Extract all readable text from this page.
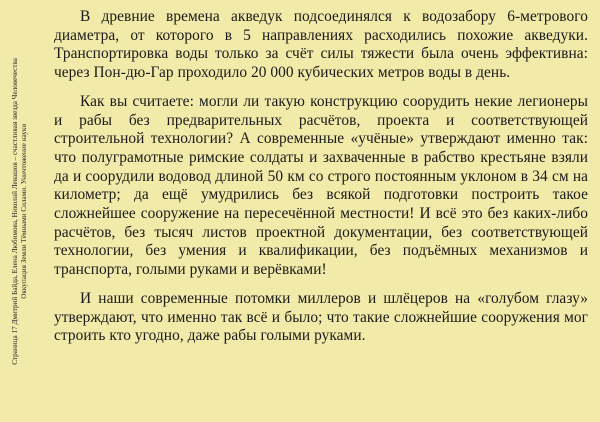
Страница 17 Дмитрий Байда, Елена Любимова, Николай Левашов – счастливая звезда Человечества Оккупация Земли Тёмными Силами. Уничтожение науки

В древние времена акведук подсоединялся к водозабору 6-метрового диаметра, от которого в 5 направлениях расходились похожие акведуки. Транспортировка воды только за счёт силы тяжести была очень эффективна: через Пон-дю-Гар проходило 20 000 кубических метров воды в день.

Как вы считаете: могли ли такую конструкцию соорудить некие легионеры и рабы без предварительных расчётов, проекта и соответствующей строительной технологии? А современные «учёные» утверждают именно так: что полуграмотные римские солдаты и захваченные в рабство крестьяне взяли да и соорудили водовод длиной 50 км со строго постоянным уклоном в 34 см на километр; да ещё умудрились без всякой подготовки построить такое сложнейшее сооружение на пересечённой местности! И всё это без каких-либо расчётов, без тысяч листов проектной документации, без соответствующей технологии, без умения и квалификации, без подъёмных механизмов и транспорта, голыми руками и верёвками!

И наши современные потомки миллеров и шлёцеров на «голубом глазу» утверждают, что именно так всё и было; что такие сложнейшие сооружения мог строить кто угодно, даже рабы голыми руками.
